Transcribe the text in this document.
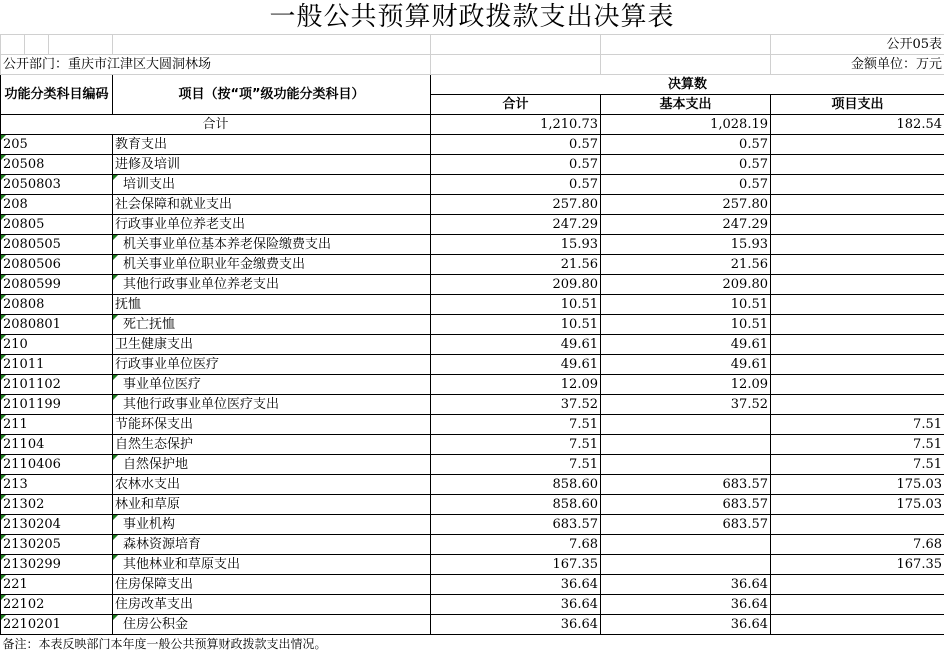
一般公共预算财政拨款支出决算表
						公开05表
公开部门：重庆市江津区大圆洞林场						金额单位：万元
功能分类科目编码			项目（按“项”级功能分类科目）	决算数		
				合计	基本支出	项目支出
合计				1,210.73	1,028.19	182.54
205			教育支出	0.57	0.57	
20508			进修及培训	0.57	0.57	
2050803			培训支出	0.57	0.57	
208			社会保障和就业支出	257.80	257.80	
20805			行政事业单位养老支出	247.29	247.29	
2080505			机关事业单位基本养老保险缴费支出	15.93	15.93	
2080506			机关事业单位职业年金缴费支出	21.56	21.56	
2080599			其他行政事业单位养老支出	209.80	209.80	
20808			抚恤	10.51	10.51	
2080801			死亡抚恤	10.51	10.51	
210			卫生健康支出	49.61	49.61	
21011			行政事业单位医疗	49.61	49.61	
2101102			事业单位医疗	12.09	12.09	
2101199			其他行政事业单位医疗支出	37.52	37.52	
211			节能环保支出	7.51		7.51
21104			自然生态保护	7.51		7.51
2110406			自然保护地	7.51		7.51
213			农林水支出	858.60	683.57	175.03
21302			林业和草原	858.60	683.57	175.03
2130204			事业机构	683.57	683.57	
2130205			森林资源培育	7.68		7.68
2130299			其他林业和草原支出	167.35		167.35
221			住房保障支出	36.64	36.64	
22102			住房改革支出	36.64	36.64	
2210201			住房公积金	36.64	36.64	
备注：本表反映部门本年度一般公共预算财政拨款支出情况。						
